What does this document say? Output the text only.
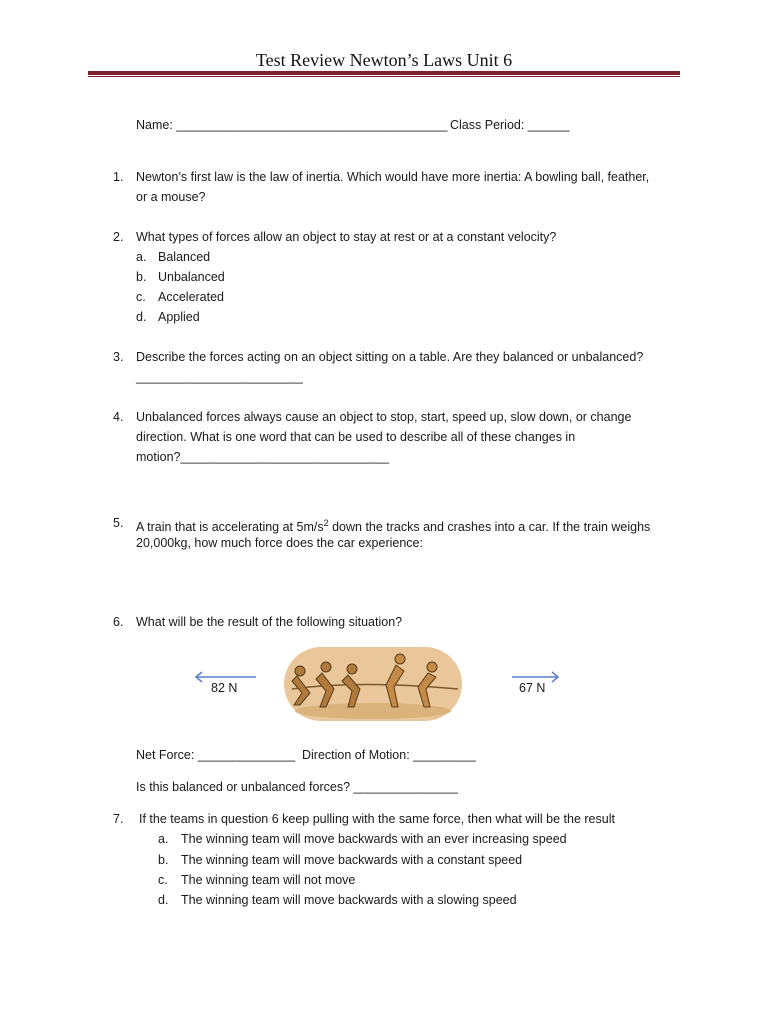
Test Review Newton’s Laws Unit 6
Name: _______________________________________ Class Period: ______
1. Newton’s first law is the law of inertia. Which would have more inertia: A bowling ball, feather,
or a mouse?
2. What types of forces allow an object to stay at rest or at a constant velocity?
a. Balanced
b. Unbalanced
c. Accelerated
d. Applied
3. Describe the forces acting on an object sitting on a table. Are they balanced or unbalanced?
________________________
4. Unbalanced forces always cause an object to stop, start, speed up, slow down, or change
direction. What is one word that can be used to describe all of these changes in
motion?______________________________
5. A train that is accelerating at $5m/s^2$ down the tracks and crashes into a car. If the train weighs
20,000kg, how much force does the car experience:
6. What will be the result of the following situation?
82 N	67 N
Net Force: ______________ Direction of Motion: _________
Is this balanced or unbalanced forces? _______________
7. If the teams in question 6 keep pulling with the same force, then what will be the result
a. The winning team will move backwards with an ever increasing speed
b. The winning team will move backwards with a constant speed
c. The winning team will not move
d. The winning team will move backwards with a slowing speed
